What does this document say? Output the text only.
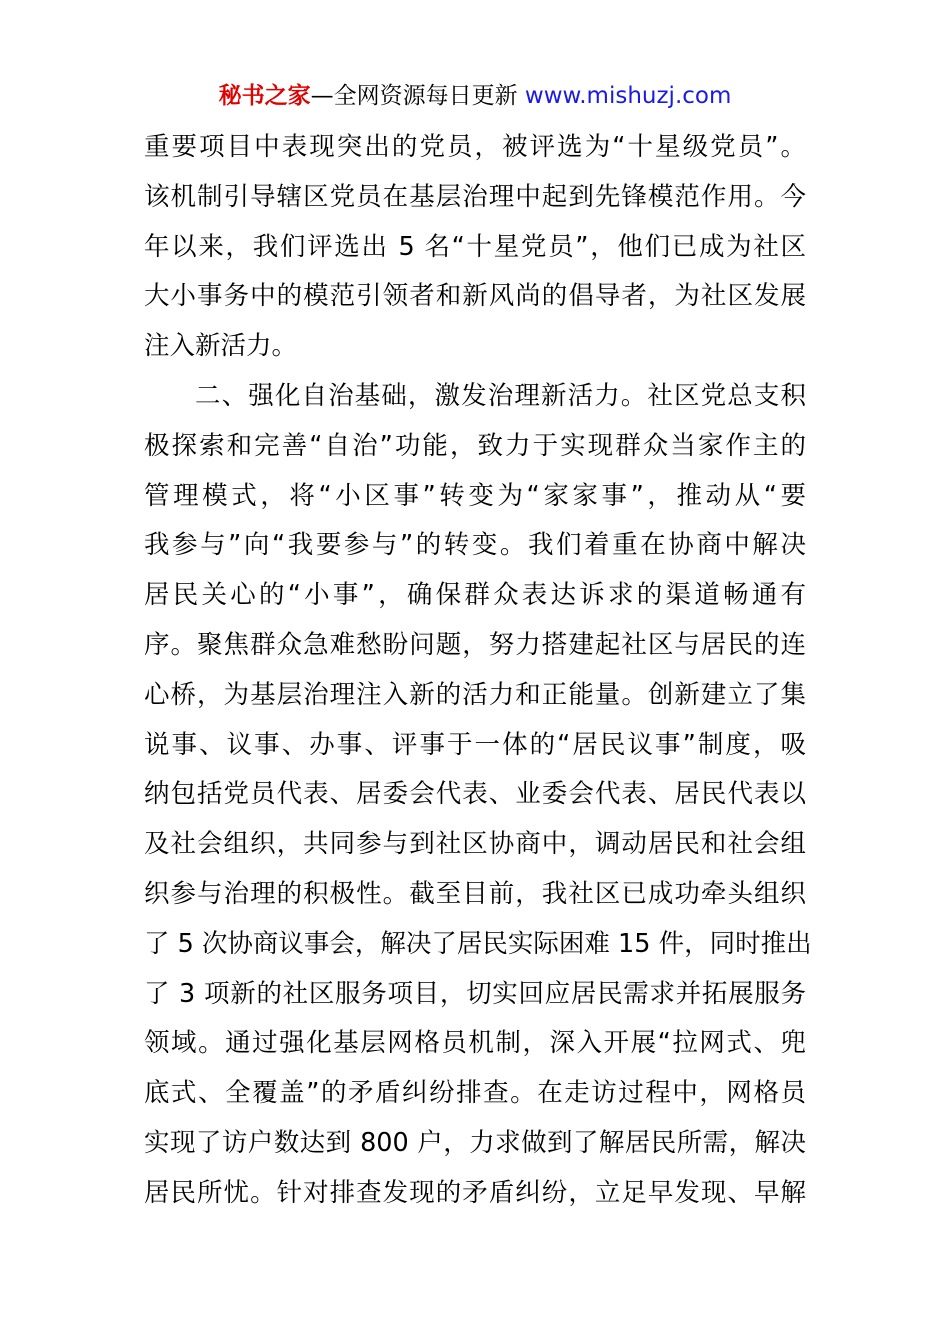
秘书之家—全网资源每日更新 www.mishuzj.com
重要项目中表现突出的党员，被评选为“十星级党员”。
该机制引导辖区党员在基层治理中起到先锋模范作用。今
年以来，我们评选出 5 名“十星党员”，他们已成为社区
大小事务中的模范引领者和新风尚的倡导者，为社区发展
注入新活力。
二、强化自治基础，激发治理新活力。社区党总支积
极探索和完善“自治”功能，致力于实现群众当家作主的
管理模式，将“小区事”转变为“家家事”，推动从“要
我参与”向“我要参与”的转变。我们着重在协商中解决
居民关心的“小事”，确保群众表达诉求的渠道畅通有
序。聚焦群众急难愁盼问题，努力搭建起社区与居民的连
心桥，为基层治理注入新的活力和正能量。创新建立了集
说事、议事、办事、评事于一体的“居民议事”制度，吸
纳包括党员代表、居委会代表、业委会代表、居民代表以
及社会组织，共同参与到社区协商中，调动居民和社会组
织参与治理的积极性。截至目前，我社区已成功牵头组织
了 5 次协商议事会，解决了居民实际困难 15 件，同时推出
了 3 项新的社区服务项目，切实回应居民需求并拓展服务
领域。通过强化基层网格员机制，深入开展“拉网式、兜
底式、全覆盖”的矛盾纠纷排查。在走访过程中，网格员
实现了访户数达到 800 户，力求做到了解居民所需，解决
居民所忧。针对排查发现的矛盾纠纷，立足早发现、早解
